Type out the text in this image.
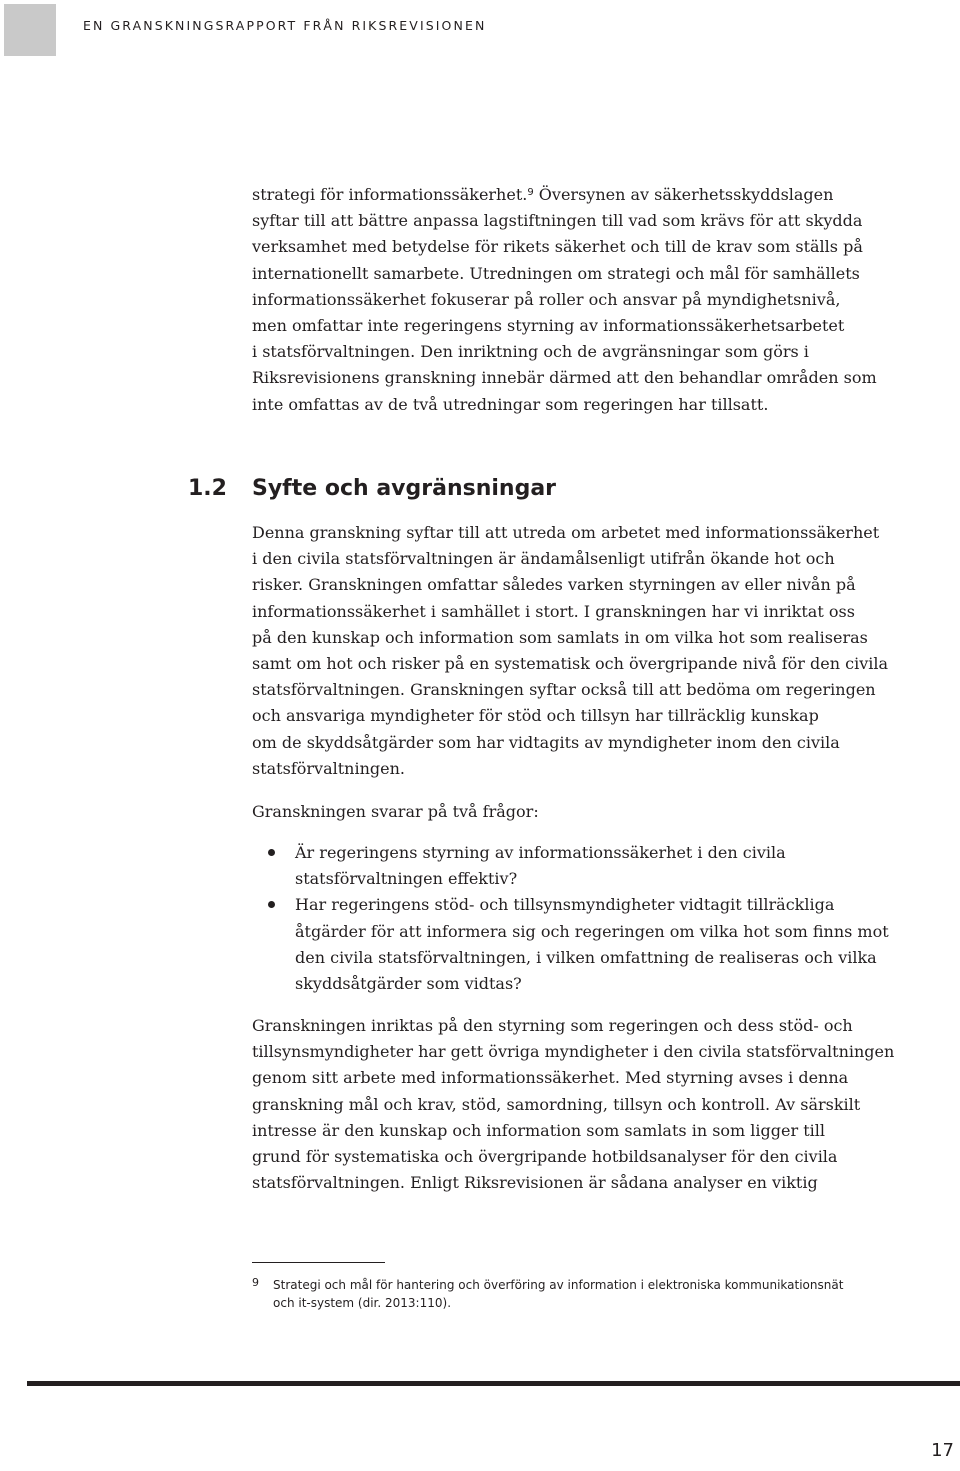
EN GRANSKNINGSRAPPORT FRÅN RIKSREVISIONEN
strategi för informationssäkerhet.$^9$ Översynen av säkerhetsskyddslagen
syftar till att bättre anpassa lagstiftningen till vad som krävs för att skydda
verksamhet med betydelse för rikets säkerhet och till de krav som ställs på
internationellt samarbete. Utredningen om strategi och mål för samhällets
informationssäkerhet fokuserar på roller och ansvar på myndighetsnivå,
men omfattar inte regeringens styrning av informationssäkerhetsarbetet
i statsförvaltningen. Den inriktning och de avgränsningar som görs i
Riksrevisionens granskning innebär därmed att den behandlar områden som
inte omfattas av de två utredningar som regeringen har tillsatt.
1.2 Syfte och avgränsningar
Denna granskning syftar till att utreda om arbetet med informationssäkerhet
i den civila statsförvaltningen är ändamålsenligt utifrån ökande hot och
risker. Granskningen omfattar således varken styrningen av eller nivån på
informationssäkerhet i samhället i stort. I granskningen har vi inriktat oss
på den kunskap och information som samlats in om vilka hot som realiseras
samt om hot och risker på en systematisk och övergripande nivå för den civila
statsförvaltningen. Granskningen syftar också till att bedöma om regeringen
och ansvariga myndigheter för stöd och tillsyn har tillräcklig kunskap
om de skyddsåtgärder som har vidtagits av myndigheter inom den civila
statsförvaltningen.
Granskningen svarar på två frågor:
Är regeringens styrning av informationssäkerhet i den civila
statsförvaltningen effektiv?
Har regeringens stöd- och tillsynsmyndigheter vidtagit tillräckliga
åtgärder för att informera sig och regeringen om vilka hot som finns mot
den civila statsförvaltningen, i vilken omfattning de realiseras och vilka
skyddsåtgärder som vidtas?
Granskningen inriktas på den styrning som regeringen och dess stöd- och
tillsynsmyndigheter har gett övriga myndigheter i den civila statsförvaltningen
genom sitt arbete med informationssäkerhet. Med styrning avses i denna
granskning mål och krav, stöd, samordning, tillsyn och kontroll. Av särskilt
intresse är den kunskap och information som samlats in som ligger till
grund för systematiska och övergripande hotbildsanalyser för den civila
statsförvaltningen. Enligt Riksrevisionen är sådana analyser en viktig
9 Strategi och mål för hantering och överföring av information i elektroniska kommunikationsnät
och it-system (dir. 2013:110).
17
